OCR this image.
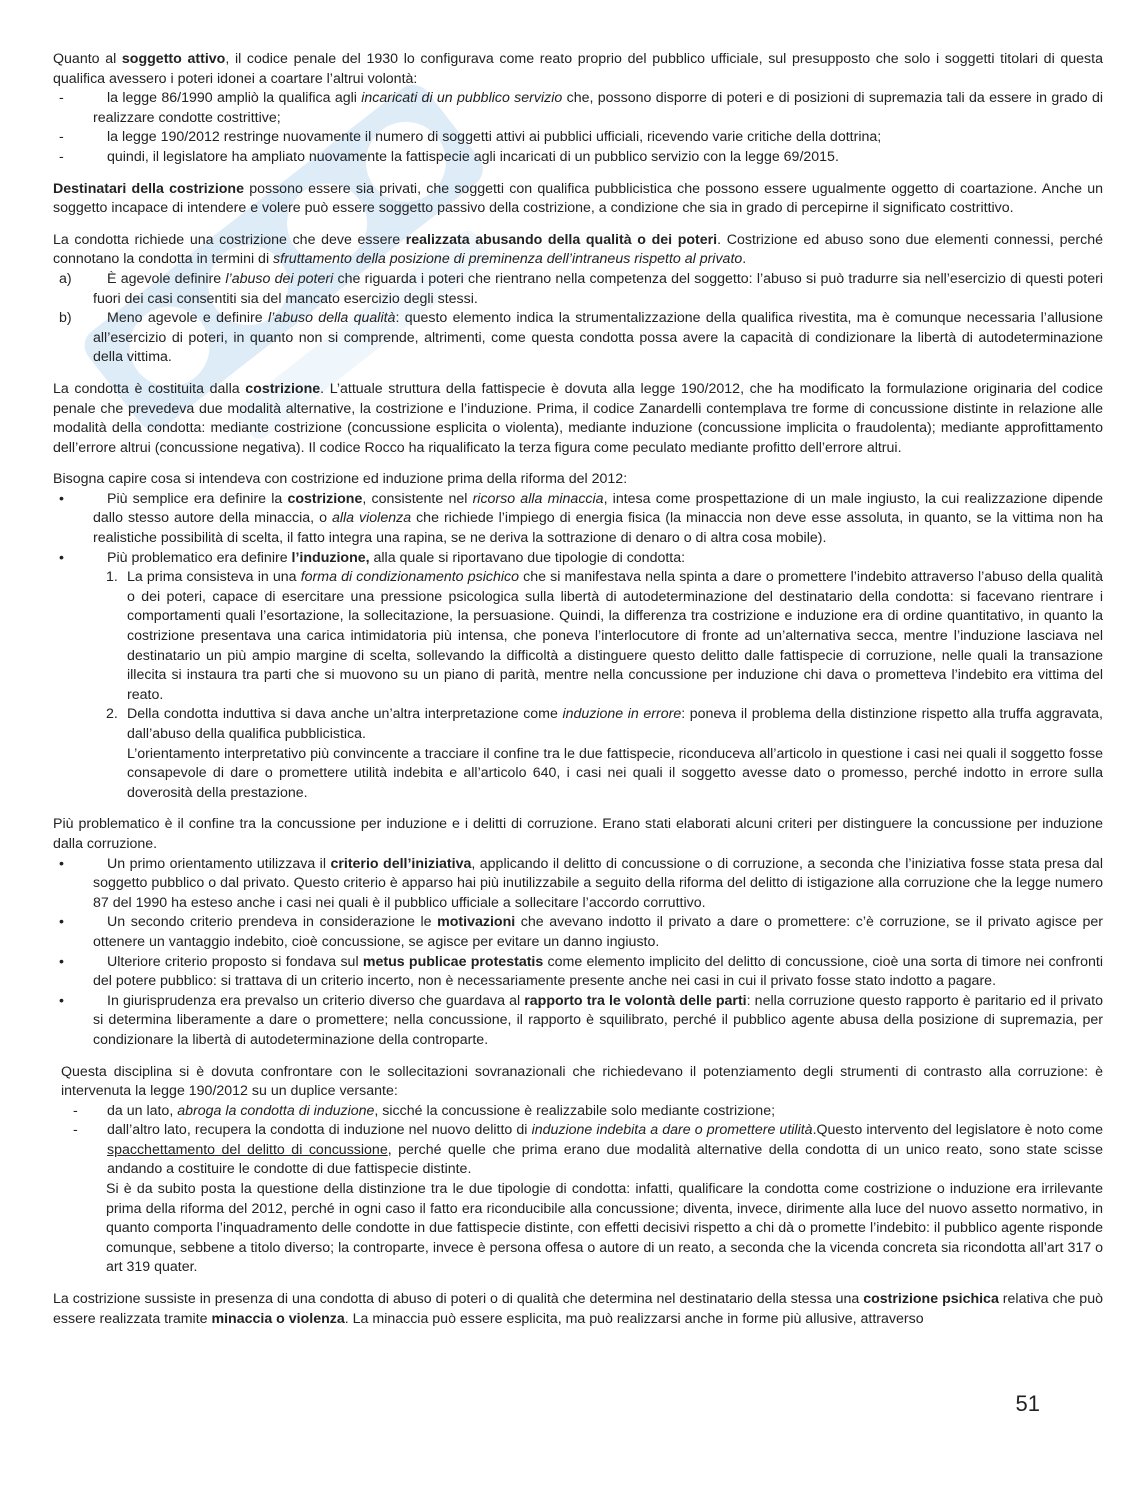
Quanto al soggetto attivo, il codice penale del 1930 lo configurava come reato proprio del pubblico ufficiale, sul presupposto che solo i soggetti titolari di questa qualifica avessero i poteri idonei a coartare l’altrui volontà:

-	la legge 86/1990 ampliò la qualifica agli incaricati di un pubblico servizio che, possono disporre di poteri e di posizioni di supremazia tali da essere in grado di realizzare condotte costrittive;
-	la legge 190/2012 restringe nuovamente il numero di soggetti attivi ai pubblici ufficiali, ricevendo varie critiche della dottrina;
-	quindi, il legislatore ha ampliato nuovamente la fattispecie agli incaricati di un pubblico servizio con la legge 69/2015.

Destinatari della costrizione possono essere sia privati, che soggetti con qualifica pubblicistica che possono essere ugualmente oggetto di coartazione. Anche un soggetto incapace di intendere e volere può essere soggetto passivo della costrizione, a condizione che sia in grado di percepirne il significato costrittivo.

La condotta richiede una costrizione che deve essere realizzata abusando della qualità o dei poteri. Costrizione ed abuso sono due elementi connessi, perché connotano la condotta in termini di sfruttamento della posizione di preminenza dell’intraneus rispetto al privato.

a)	È agevole definire l’abuso dei poteri che riguarda i poteri che rientrano nella competenza del soggetto: l’abuso si può tradurre sia nell’esercizio di questi poteri fuori dei casi consentiti sia del mancato esercizio degli stessi.
b)	Meno agevole e definire l’abuso della qualità: questo elemento indica la strumentalizzazione della qualifica rivestita, ma è comunque necessaria l’allusione all’esercizio di poteri, in quanto non si comprende, altrimenti, come questa condotta possa avere la capacità di condizionare la libertà di autodeterminazione della vittima.

La condotta è costituita dalla costrizione. L’attuale struttura della fattispecie è dovuta alla legge 190/2012, che ha modificato la formulazione originaria del codice penale che prevedeva due modalità alternative, la costrizione e l’induzione. Prima, il codice Zanardelli contemplava tre forme di concussione distinte in relazione alle modalità della condotta: mediante costrizione (concussione esplicita o violenta), mediante induzione (concussione implicita o fraudolenta); mediante approfittamento dell’errore altrui (concussione negativa). Il codice Rocco ha riqualificato la terza figura come peculato mediante profitto dell’errore altrui.

Bisogna capire cosa si intendeva con costrizione ed induzione prima della riforma del 2012:

•	Più semplice era definire la costrizione, consistente nel ricorso alla minaccia, intesa come prospettazione di un male ingiusto, la cui realizzazione dipende dallo stesso autore della minaccia, o alla violenza che richiede l’impiego di energia fisica (la minaccia non deve esse assoluta, in quanto, se la vittima non ha realistiche possibilità di scelta, il fatto integra una rapina, se ne deriva la sottrazione di denaro o di altra cosa mobile).
•	Più problematico era definire l’induzione, alla quale si riportavano due tipologie di condotta:
1. La prima consisteva in una forma di condizionamento psichico che si manifestava nella spinta a dare o promettere l’indebito attraverso l’abuso della qualità o dei poteri, capace di esercitare una pressione psicologica sulla libertà di autodeterminazione del destinatario della condotta: si facevano rientrare i comportamenti quali l’esortazione, la sollecitazione, la persuasione. Quindi, la differenza tra costrizione e induzione era di ordine quantitativo, in quanto la costrizione presentava una carica intimidatoria più intensa, che poneva l’interlocutore di fronte ad un’alternativa secca, mentre l’induzione lasciava nel destinatario un più ampio margine di scelta, sollevando la difficoltà a distinguere questo delitto dalle fattispecie di corruzione, nelle quali la transazione illecita si instaura tra parti che si muovono su un piano di parità, mentre nella concussione per induzione chi dava o prometteva l’indebito era vittima del reato.
2. Della condotta induttiva si dava anche un’altra interpretazione come induzione in errore: poneva il problema della distinzione rispetto alla truffa aggravata, dall’abuso della qualifica pubblicistica.

L’orientamento interpretativo più convincente a tracciare il confine tra le due fattispecie, riconduceva all’articolo in questione i casi nei quali il soggetto fosse consapevole di dare o promettere utilità indebita e all’articolo 640, i casi nei quali il soggetto avesse dato o promesso, perché indotto in errore sulla doverosità della prestazione.

Più problematico è il confine tra la concussione per induzione e i delitti di corruzione. Erano stati elaborati alcuni criteri per distinguere la concussione per induzione dalla corruzione.

•	Un primo orientamento utilizzava il criterio dell’iniziativa, applicando il delitto di concussione o di corruzione, a seconda che l’iniziativa fosse stata presa dal soggetto pubblico o dal privato. Questo criterio è apparso hai più inutilizzabile a seguito della riforma del delitto di istigazione alla corruzione che la legge numero 87 del 1990 ha esteso anche i casi nei quali è il pubblico ufficiale a sollecitare l’accordo corruttivo.
•	Un secondo criterio prendeva in considerazione le motivazioni che avevano indotto il privato a dare o promettere: c’è corruzione, se il privato agisce per ottenere un vantaggio indebito, cioè concussione, se agisce per evitare un danno ingiusto.
•	Ulteriore criterio proposto si fondava sul metus publicae protestatis come elemento implicito del delitto di concussione, cioè una sorta di timore nei confronti del potere pubblico: si trattava di un criterio incerto, non è necessariamente presente anche nei casi in cui il privato fosse stato indotto a pagare.
•	In giurisprudenza era prevalso un criterio diverso che guardava al rapporto tra le volontà delle parti: nella corruzione questo rapporto è paritario ed il privato si determina liberamente a dare o promettere; nella concussione, il rapporto è squilibrato, perché il pubblico agente abusa della posizione di supremazia, per condizionare la libertà di autodeterminazione della controparte.

Questa disciplina si è dovuta confrontare con le sollecitazioni sovranazionali che richiedevano il potenziamento degli strumenti di contrasto alla corruzione: è intervenuta la legge 190/2012 su un duplice versante:

-	da un lato, abroga la condotta di induzione, sicché la concussione è realizzabile solo mediante costrizione;
-	dall’altro lato, recupera la condotta di induzione nel nuovo delitto di induzione indebita a dare o promettere utilità.Questo intervento del legislatore è noto come spacchettamento del delitto di concussione, perché quelle che prima erano due modalità alternative della condotta di un unico reato, sono state scisse andando a costituire le condotte di due fattispecie distinte.

Si è da subito posta la questione della distinzione tra le due tipologie di condotta: infatti, qualificare la condotta come costrizione o induzione era irrilevante prima della riforma del 2012, perché in ogni caso il fatto era riconducibile alla concussione; diventa, invece, dirimente alla luce del nuovo assetto normativo, in quanto comporta l’inquadramento delle condotte in due fattispecie distinte, con effetti decisivi rispetto a chi dà o promette l’indebito: il pubblico agente risponde comunque, sebbene a titolo diverso; la controparte, invece è persona offesa o autore di un reato, a seconda che la vicenda concreta sia ricondotta all’art 317 o art 319 quater.

La costrizione sussiste in presenza di una condotta di abuso di poteri o di qualità che determina nel destinatario della stessa una costrizione psichica relativa che può essere realizzata tramite minaccia o violenza. La minaccia può essere esplicita, ma può realizzarsi anche in forme più allusive, attraverso

51
